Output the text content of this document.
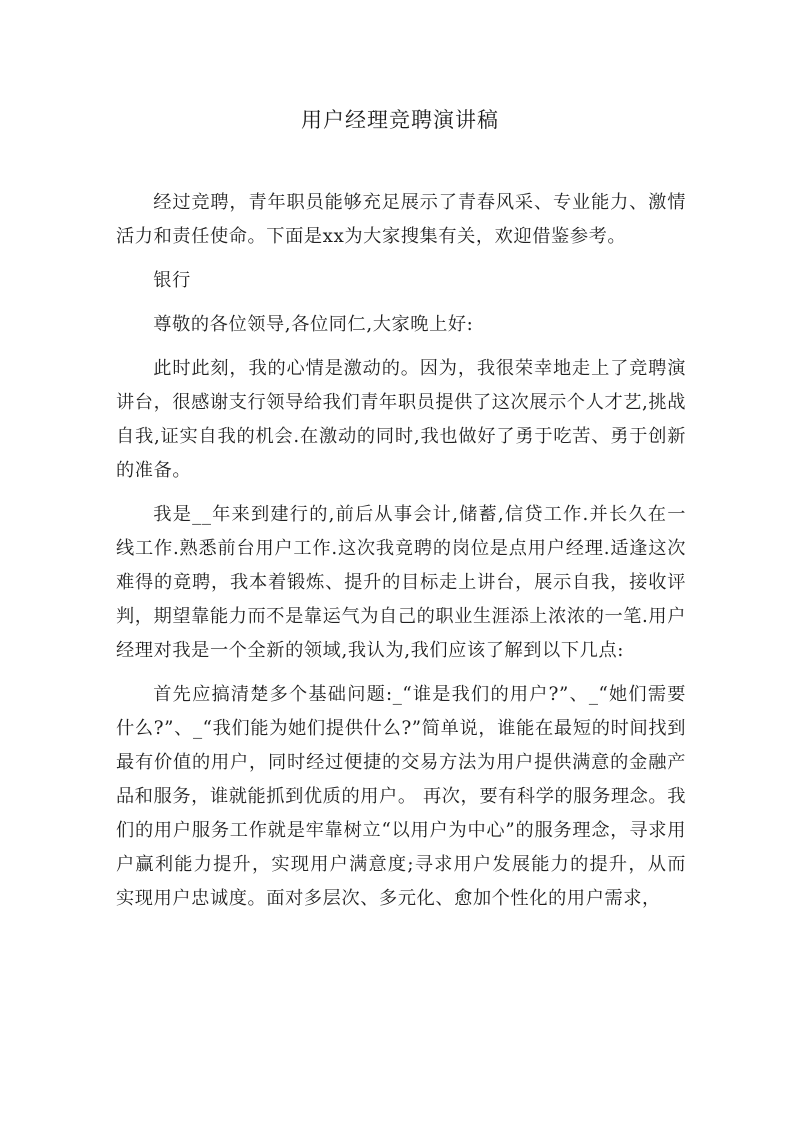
用户经理竞聘演讲稿

经过竞聘，青年职员能够充足展示了青春风采、专业能力、激情活力和责任使命。下面是xx为大家搜集有关，欢迎借鉴参考。

银行

尊敬的各位领导,各位同仁,大家晚上好:

此时此刻，我的心情是激动的。因为，我很荣幸地走上了竞聘演讲台，很感谢支行领导给我们青年职员提供了这次展示个人才艺,挑战自我,证实自我的机会.在激动的同时,我也做好了勇于吃苦、勇于创新的准备。

我是__年来到建行的,前后从事会计,储蓄,信贷工作.并长久在一线工作.熟悉前台用户工作.这次我竟聘的岗位是点用户经理.适逢这次难得的竟聘，我本着锻炼、提升的目标走上讲台，展示自我，接收评判，期望靠能力而不是靠运气为自己的职业生涯添上浓浓的一笔.用户经理对我是一个全新的领域,我认为,我们应该了解到以下几点:

首先应搞清楚多个基础问题:_“谁是我们的用户?”、_“她们需要什么?”、_“我们能为她们提供什么?”简单说，谁能在最短的时间找到最有价值的用户，同时经过便捷的交易方法为用户提供满意的金融产品和服务，谁就能抓到优质的用户。 再次，要有科学的服务理念。我们的用户服务工作就是牢靠树立“以用户为中心”的服务理念，寻求用户赢利能力提升，实现用户满意度;寻求用户发展能力的提升，从而实现用户忠诚度。面对多层次、多元化、愈加个性化的用户需求，
